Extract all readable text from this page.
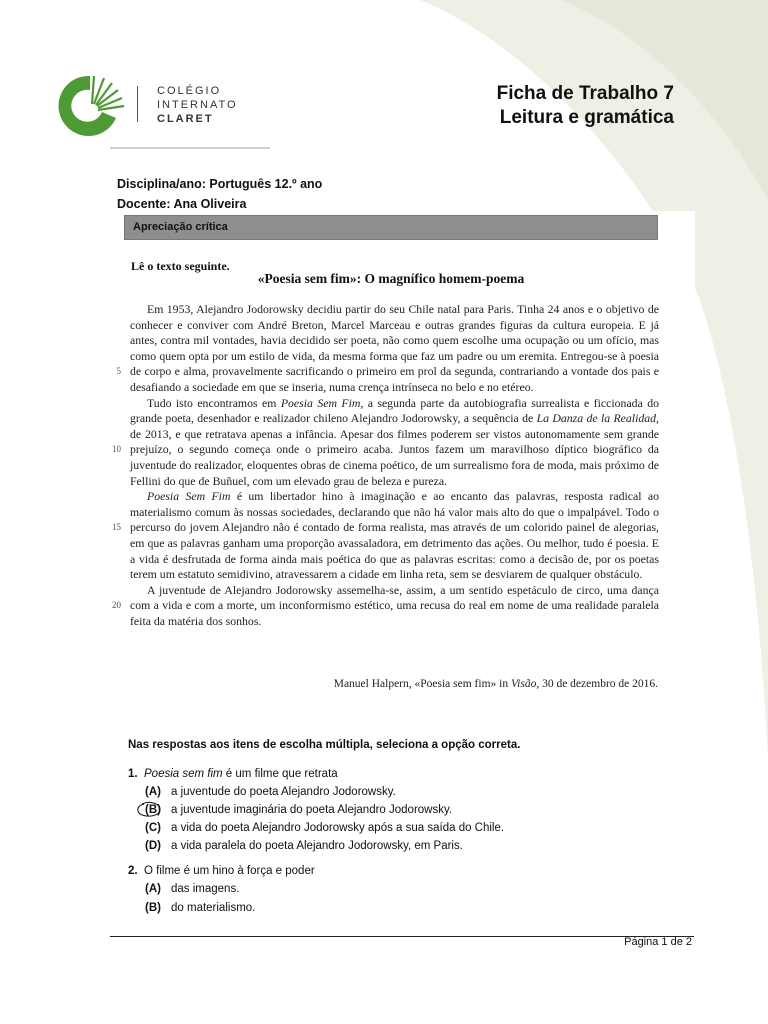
COLÉGIO
INTERNATO
CLARET
Ficha de Trabalho 7
Leitura e gramática
Disciplina/ano: Português 12.º ano
Docente: Ana Oliveira
Apreciação crítica
Lê o texto seguinte.
«Poesia sem fim»: O magnífico homem-poema

Em 1953, Alejandro Jodorowsky decidiu partir do seu Chile natal para Paris. Tinha 24 anos e o objetivo de conhecer e conviver com André Breton, Marcel Marceau e outras grandes figuras da cultura europeia. E já antes, contra mil vontades, havia decidido ser poeta, não como quem escolhe uma ocupação ou um ofício, mas como quem opta por um estilo de vida, da mesma forma que faz um padre ou um eremita. Entregou-se à poesia de corpo e alma, provavelmente sacrificando o primeiro em prol da segunda, contrariando a vontade dos pais e desafiando a sociedade em que se inseria, numa crença intrínseca no belo e no etéreo.

Tudo isto encontramos em Poesia Sem Fim, a segunda parte da autobiografia surrealista e ficcionada do grande poeta, desenhador e realizador chileno Alejandro Jodorowsky, a sequência de La Danza de la Realidad, de 2013, e que retratava apenas a infância. Apesar dos filmes poderem ser vistos autonomamente sem grande prejuízo, o segundo começa onde o primeiro acaba. Juntos fazem um maravilhoso díptico biográfico da juventude do realizador, eloquentes obras de cinema poético, de um surrealismo fora de moda, mais próximo de Fellini do que de Buñuel, com um elevado grau de beleza e pureza.

Poesia Sem Fim é um libertador hino à imaginação e ao encanto das palavras, resposta radical ao materialismo comum às nossas sociedades, declarando que não há valor mais alto do que o impalpável. Todo o percurso do jovem Alejandro não é contado de forma realista, mas através de um colorido painel de alegorias, em que as palavras ganham uma proporção avassaladora, em detrimento das ações. Ou melhor, tudo é poesia. E a vida é desfrutada de forma ainda mais poética do que as palavras escritas: como a decisão de, por os poetas terem um estatuto semidivino, atravessarem a cidade em linha reta, sem se desviarem de qualquer obstáculo.

A juventude de Alejandro Jodorowsky assemelha-se, assim, a um sentido espetáculo de circo, uma dança com a vida e com a morte, um inconformismo estético, uma recusa do real em nome de uma realidade paralela feita da matéria dos sonhos.

5
10
15
20
Manuel Halpern, «Poesia sem fim» in Visão, 30 de dezembro de 2016.
Nas respostas aos itens de escolha múltipla, seleciona a opção correta.
1. Poesia sem fim é um filme que retrata
(A) a juventude do poeta Alejandro Jodorowsky.
(B) a juventude imaginária do poeta Alejandro Jodorowsky.
(C) a vida do poeta Alejandro Jodorowsky após a sua saída do Chile.
(D) a vida paralela do poeta Alejandro Jodorowsky, em Paris.
2. O filme é um hino à força e poder
(A) das imagens.
(B) do materialismo.
Página 1 de 2
